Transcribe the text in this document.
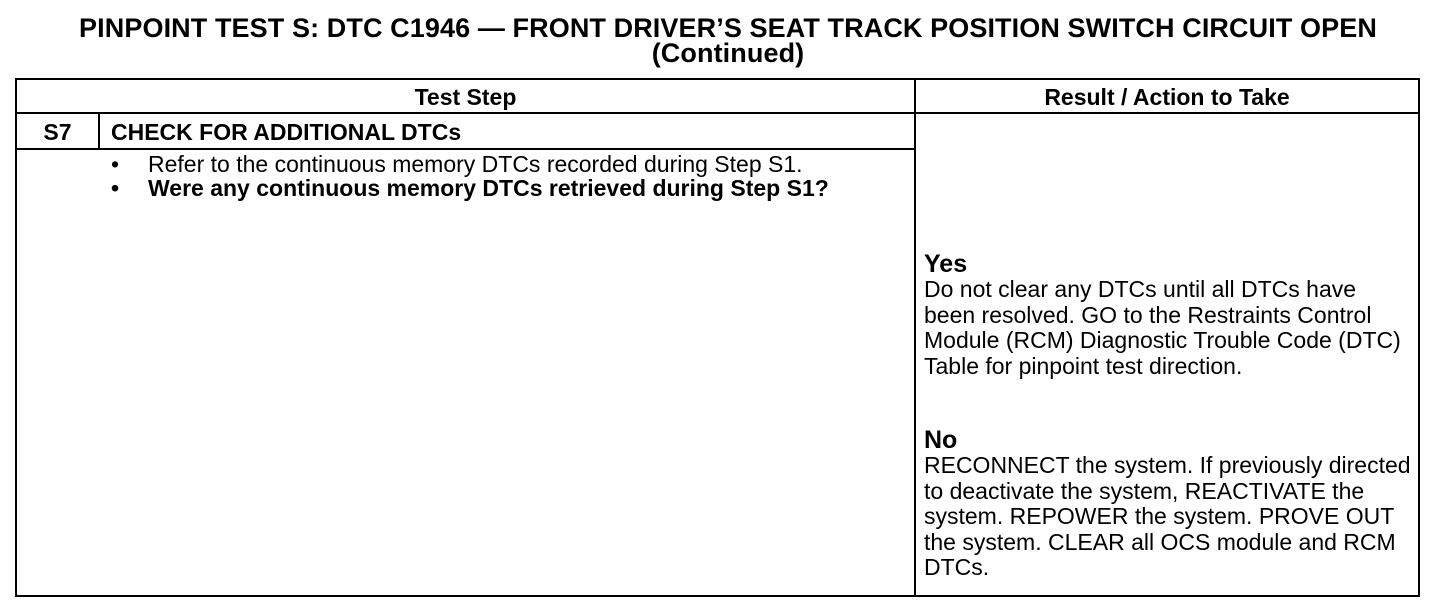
PINPOINT TEST S: DTC C1946 — FRONT DRIVER’S SEAT TRACK POSITION SWITCH CIRCUIT OPEN
(Continued)
Test Step	Result / Action to Take
S7	CHECK FOR ADDITIONAL DTCs
• Refer to the continuous memory DTCs recorded during Step S1.
• Were any continuous memory DTCs retrieved during Step S1?
Yes
Do not clear any DTCs until all DTCs have been resolved. GO to the Restraints Control Module (RCM) Diagnostic Trouble Code (DTC) Table for pinpoint test direction.
No
RECONNECT the system. If previously directed to deactivate the system, REACTIVATE the system. REPOWER the system. PROVE OUT the system. CLEAR all OCS module and RCM DTCs.
